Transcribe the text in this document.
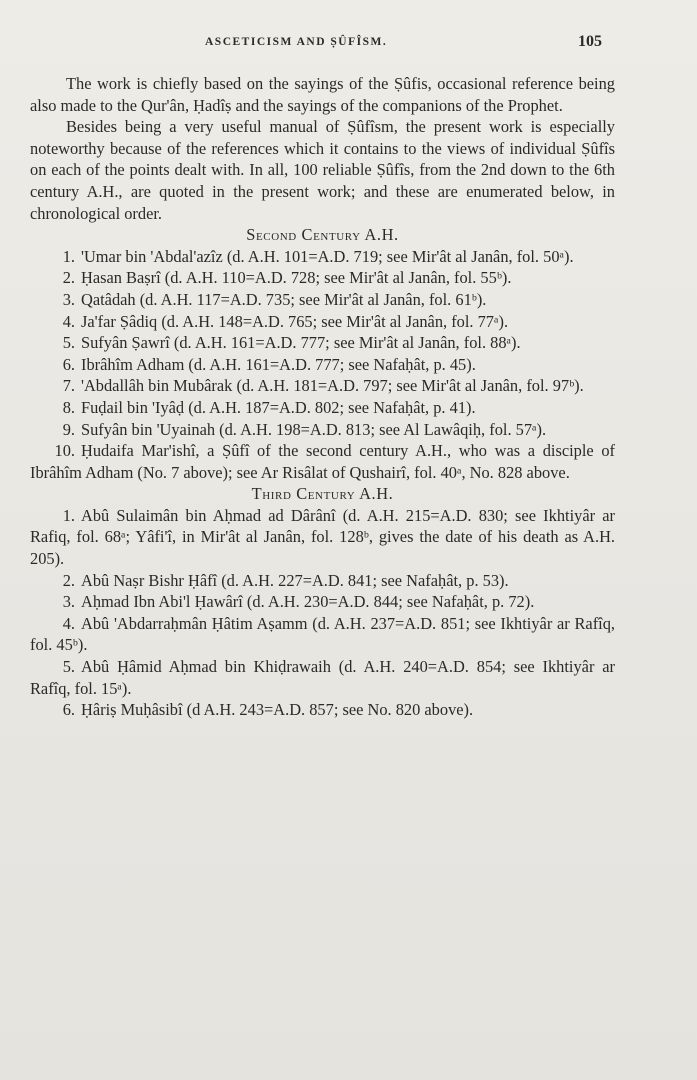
ASCETICISM AND ṢÛFÎSM.	105

The work is chiefly based on the sayings of the Ṣûfis, occasional reference being also made to the Qur'ân, Ḥadîṣ and the sayings of the companions of the Prophet.

Besides being a very useful manual of Ṣûfîsm, the present work is especially noteworthy because of the references which it contains to the views of individual Ṣûfîs on each of the points dealt with. In all, 100 reliable Ṣûfîs, from the 2nd down to the 6th century A.H., are quoted in the present work; and these are enumerated below, in chronological order.

Second Century A.H.

1. 'Umar bin 'Abdal'azîz (d. A.H. 101=A.D. 719; see Mir'ât al Janân, fol. 50ᵃ).

2. Ḥasan Baṣrî (d. A.H. 110=A.D. 728; see Mir'ât al Janân, fol. 55ᵇ).

3. Qatâdah (d. A.H. 117=A.D. 735; see Mir'ât al Janân, fol. 61ᵇ).

4. Ja'far Ṣâdiq (d. A.H. 148=A.D. 765; see Mir'ât al Janân, fol. 77ᵃ).

5. Sufyân Ṣawrî (d. A.H. 161=A.D. 777; see Mir'ât al Janân, fol. 88ᵃ).

6. Ibrâhîm Adham (d. A.H. 161=A.D. 777; see Nafaḥât, p. 45).

7. 'Abdallâh bin Mubârak (d. A.H. 181=A.D. 797; see Mir'ât al Janân, fol. 97ᵇ).

8. Fuḍail bin 'Iyâḍ (d. A.H. 187=A.D. 802; see Nafaḥât, p. 41).

9. Sufyân bin 'Uyainah (d. A.H. 198=A.D. 813; see Al Lawâqiḥ, fol. 57ᵃ).

10. Ḥudaifa Mar'ishî, a Ṣûfî of the second century A.H., who was a disciple of Ibrâhîm Adham (No. 7 above); see Ar Risâlat of Qushairî, fol. 40ᵃ, No. 828 above.

Third Century A.H.

1. Abû Sulaimân bin Aḥmad ad Dârânî (d. A.H. 215=A.D. 830; see Ikhtiyâr ar Rafiq, fol. 68ᵃ; Yâfi'î, in Mir'ât al Janân, fol. 128ᵇ, gives the date of his death as A.H. 205).

2. Abû Naṣr Bishr Ḥâfî (d. A.H. 227=A.D. 841; see Nafaḥât, p. 53).

3. Aḥmad Ibn Abi'l Ḥawârî (d. A.H. 230=A.D. 844; see Nafaḥât, p. 72).

4. Abû 'Abdarraḥmân Ḥâtim Aṣamm (d. A.H. 237=A.D. 851; see Ikhtiyâr ar Rafîq, fol. 45ᵇ).

5. Abû Ḥâmid Aḥmad bin Khiḍrawaih (d. A.H. 240=A.D. 854; see Ikhtiyâr ar Rafîq, fol. 15ᵃ).

6. Ḥâriṣ Muḥâsibî (d A.H. 243=A.D. 857; see No. 820 above).
